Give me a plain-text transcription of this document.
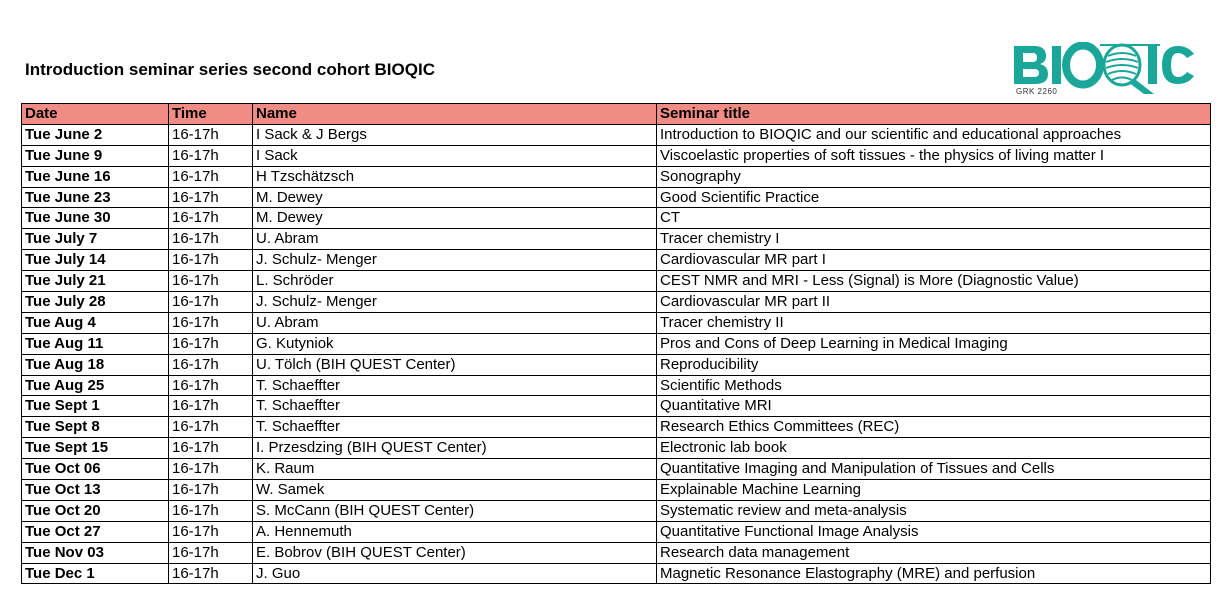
Introduction seminar series second cohort BIOQIC
GRK 2260
Date	Time	Name	Seminar title
Tue June 2	16-17h	I Sack & J Bergs	Introduction to BIOQIC and our scientific and educational approaches
Tue June 9	16-17h	I Sack	Viscoelastic properties of soft tissues - the physics of living matter I
Tue June 16	16-17h	H Tzschätzsch	Sonography
Tue June 23	16-17h	M. Dewey	Good Scientific Practice
Tue June 30	16-17h	M. Dewey	CT
Tue July 7	16-17h	U. Abram	Tracer chemistry I
Tue July 14	16-17h	J. Schulz- Menger	Cardiovascular MR part I
Tue July 21	16-17h	L. Schröder	CEST NMR and MRI - Less (Signal) is More (Diagnostic Value)
Tue July 28	16-17h	J. Schulz- Menger	Cardiovascular MR part II
Tue Aug 4	16-17h	U. Abram	Tracer chemistry II
Tue Aug 11	16-17h	G. Kutyniok	Pros and Cons of Deep Learning in Medical Imaging
Tue Aug 18	16-17h	U. Tölch (BIH QUEST Center)	Reproducibility
Tue Aug 25	16-17h	T. Schaeffter	Scientific Methods
Tue Sept 1	16-17h	T. Schaeffter	Quantitative MRI
Tue Sept 8	16-17h	T. Schaeffter	Research Ethics Committees (REC)
Tue Sept 15	16-17h	I. Przesdzing (BIH QUEST Center)	Electronic lab book
Tue Oct 06	16-17h	K. Raum	Quantitative Imaging and Manipulation of Tissues and Cells
Tue Oct 13	16-17h	W. Samek	Explainable Machine Learning
Tue Oct 20	16-17h	S. McCann (BIH QUEST Center)	Systematic review and meta-analysis
Tue Oct 27	16-17h	A. Hennemuth	Quantitative Functional Image Analysis
Tue Nov 03	16-17h	E. Bobrov (BIH QUEST Center)	Research data management
Tue Dec 1	16-17h	J. Guo	Magnetic Resonance Elastography (MRE) and perfusion
